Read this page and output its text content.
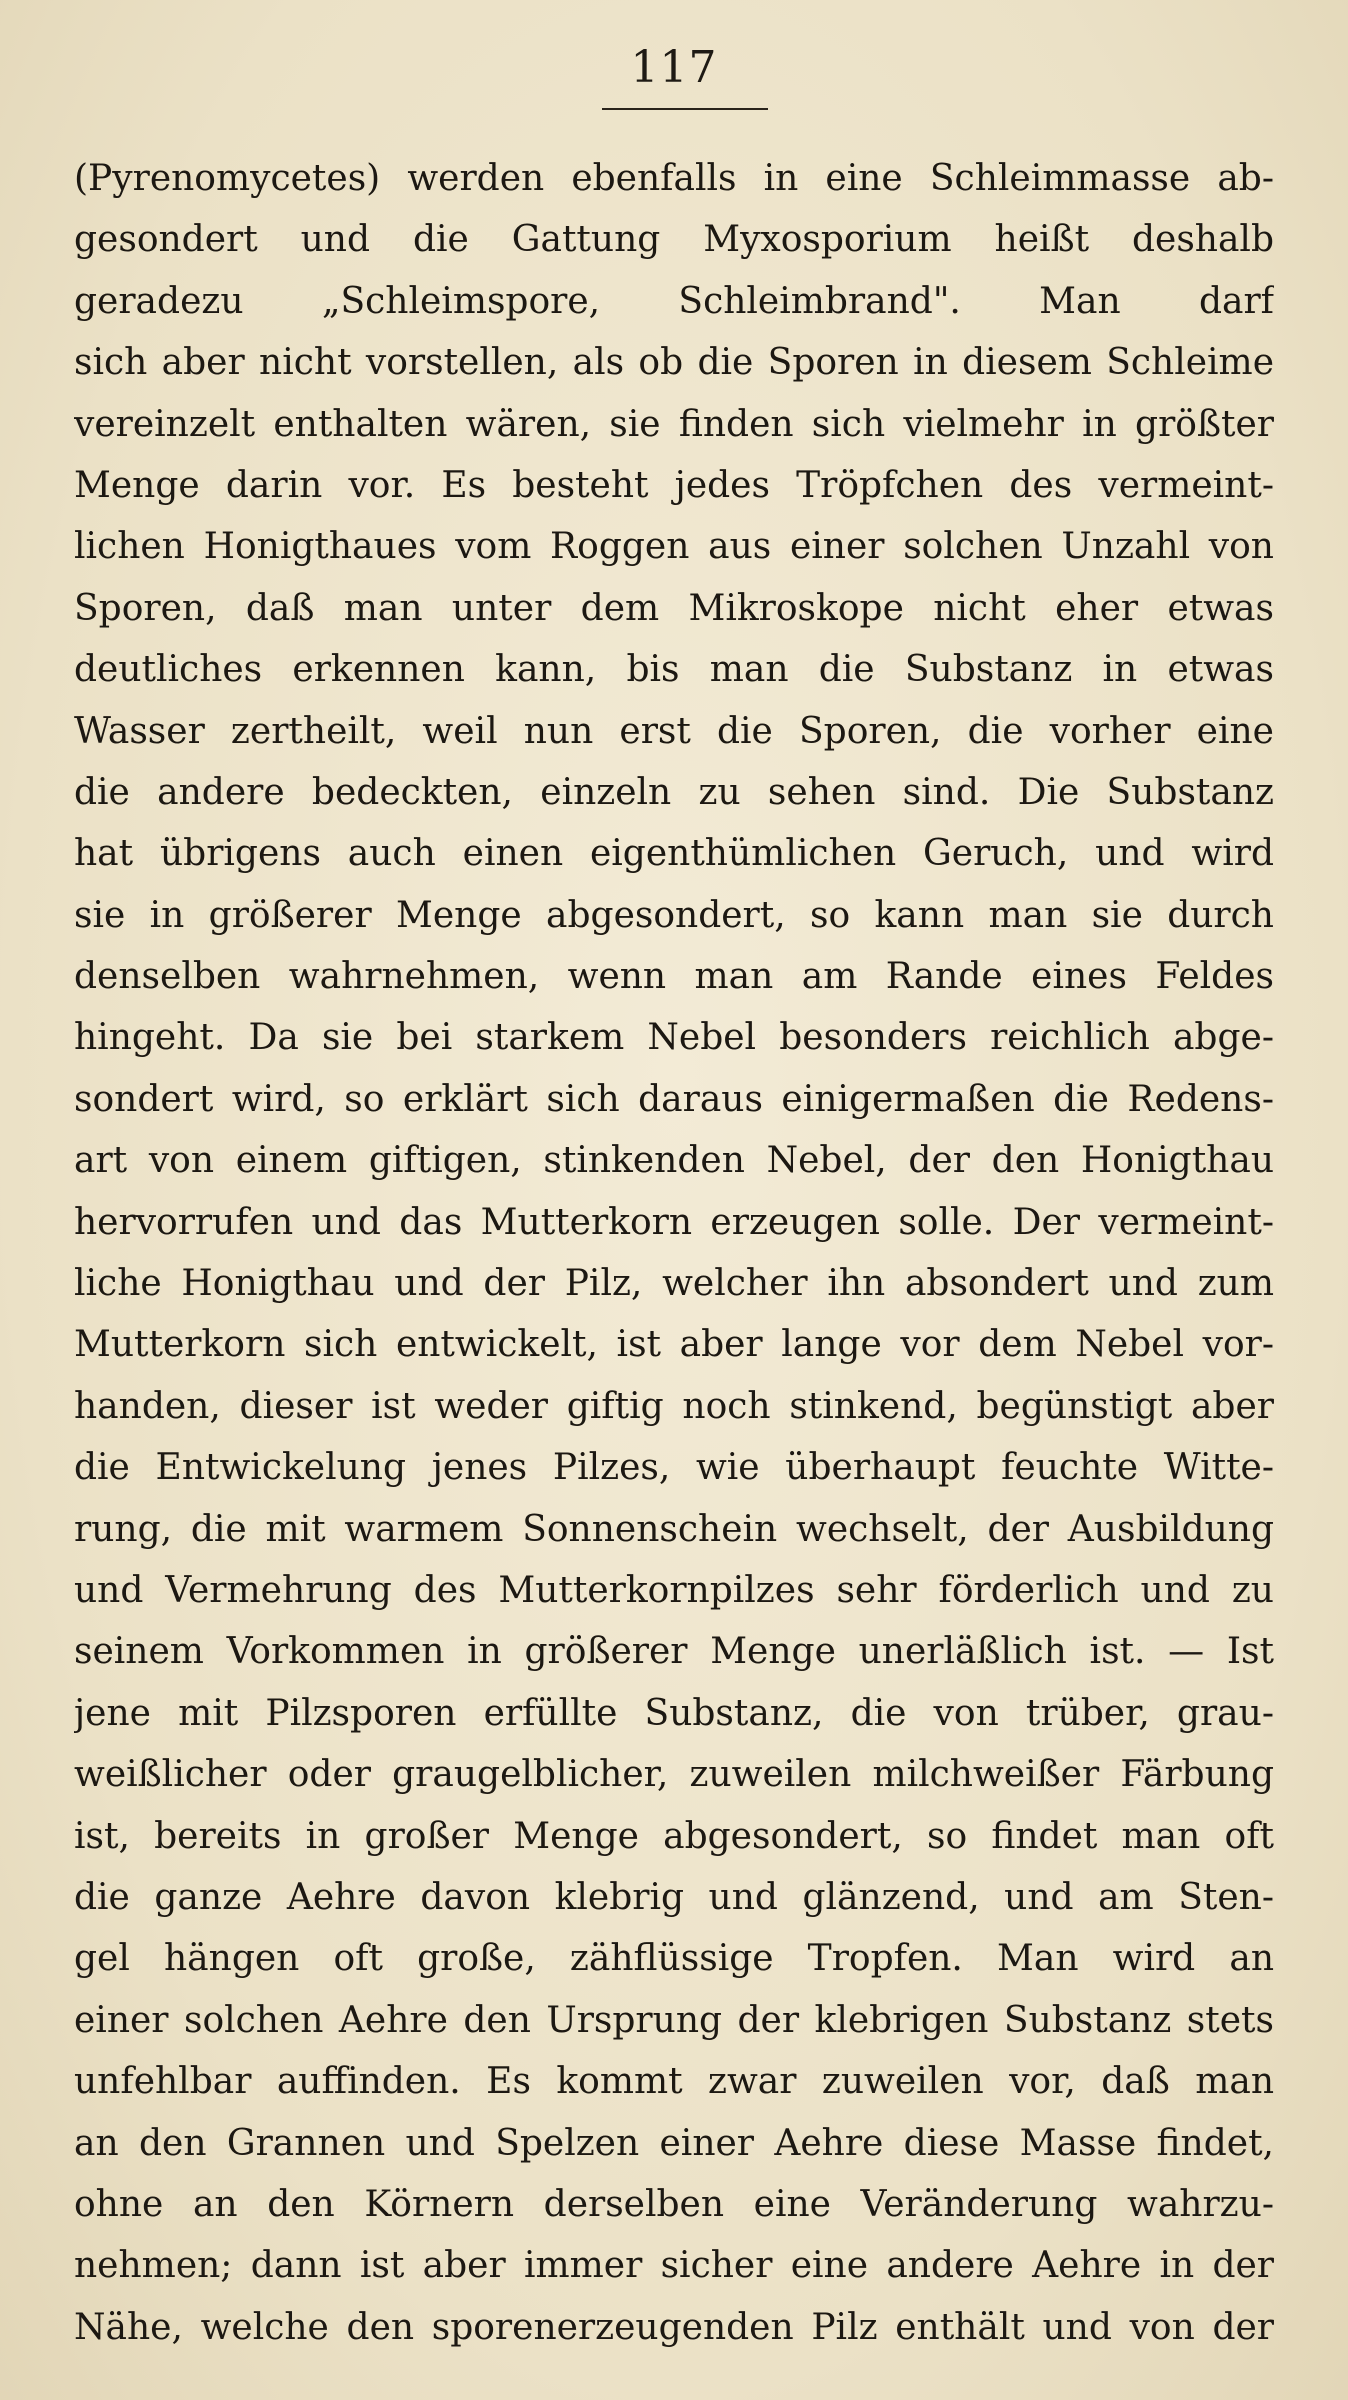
117
(Pyrenomycetes) werden ebenfalls in eine Schleimmasse ab-
gesondert und die Gattung Myxosporium heißt deshalb
geradezu „Schleimspore, Schleimbrand". Man darf
sich aber nicht vorstellen, als ob die Sporen in diesem Schleime
vereinzelt enthalten wären, sie finden sich vielmehr in größter
Menge darin vor. Es besteht jedes Tröpfchen des vermeint-
lichen Honigthaues vom Roggen aus einer solchen Unzahl von
Sporen, daß man unter dem Mikroskope nicht eher etwas
deutliches erkennen kann, bis man die Substanz in etwas
Wasser zertheilt, weil nun erst die Sporen, die vorher eine
die andere bedeckten, einzeln zu sehen sind. Die Substanz
hat übrigens auch einen eigenthümlichen Geruch, und wird
sie in größerer Menge abgesondert, so kann man sie durch
denselben wahrnehmen, wenn man am Rande eines Feldes
hingeht. Da sie bei starkem Nebel besonders reichlich abge-
sondert wird, so erklärt sich daraus einigermaßen die Redens-
art von einem giftigen, stinkenden Nebel, der den Honigthau
hervorrufen und das Mutterkorn erzeugen solle. Der vermeint-
liche Honigthau und der Pilz, welcher ihn absondert und zum
Mutterkorn sich entwickelt, ist aber lange vor dem Nebel vor-
handen, dieser ist weder giftig noch stinkend, begünstigt aber
die Entwickelung jenes Pilzes, wie überhaupt feuchte Witte-
rung, die mit warmem Sonnenschein wechselt, der Ausbildung
und Vermehrung des Mutterkornpilzes sehr förderlich und zu
seinem Vorkommen in größerer Menge unerläßlich ist. — Ist
jene mit Pilzsporen erfüllte Substanz, die von trüber, grau-
weißlicher oder graugelblicher, zuweilen milchweißer Färbung
ist, bereits in großer Menge abgesondert, so findet man oft
die ganze Aehre davon klebrig und glänzend, und am Sten-
gel hängen oft große, zähflüssige Tropfen. Man wird an
einer solchen Aehre den Ursprung der klebrigen Substanz stets
unfehlbar auffinden. Es kommt zwar zuweilen vor, daß man
an den Grannen und Spelzen einer Aehre diese Masse findet,
ohne an den Körnern derselben eine Veränderung wahrzu-
nehmen; dann ist aber immer sicher eine andere Aehre in der
Nähe, welche den sporenerzeugenden Pilz enthält und von der
